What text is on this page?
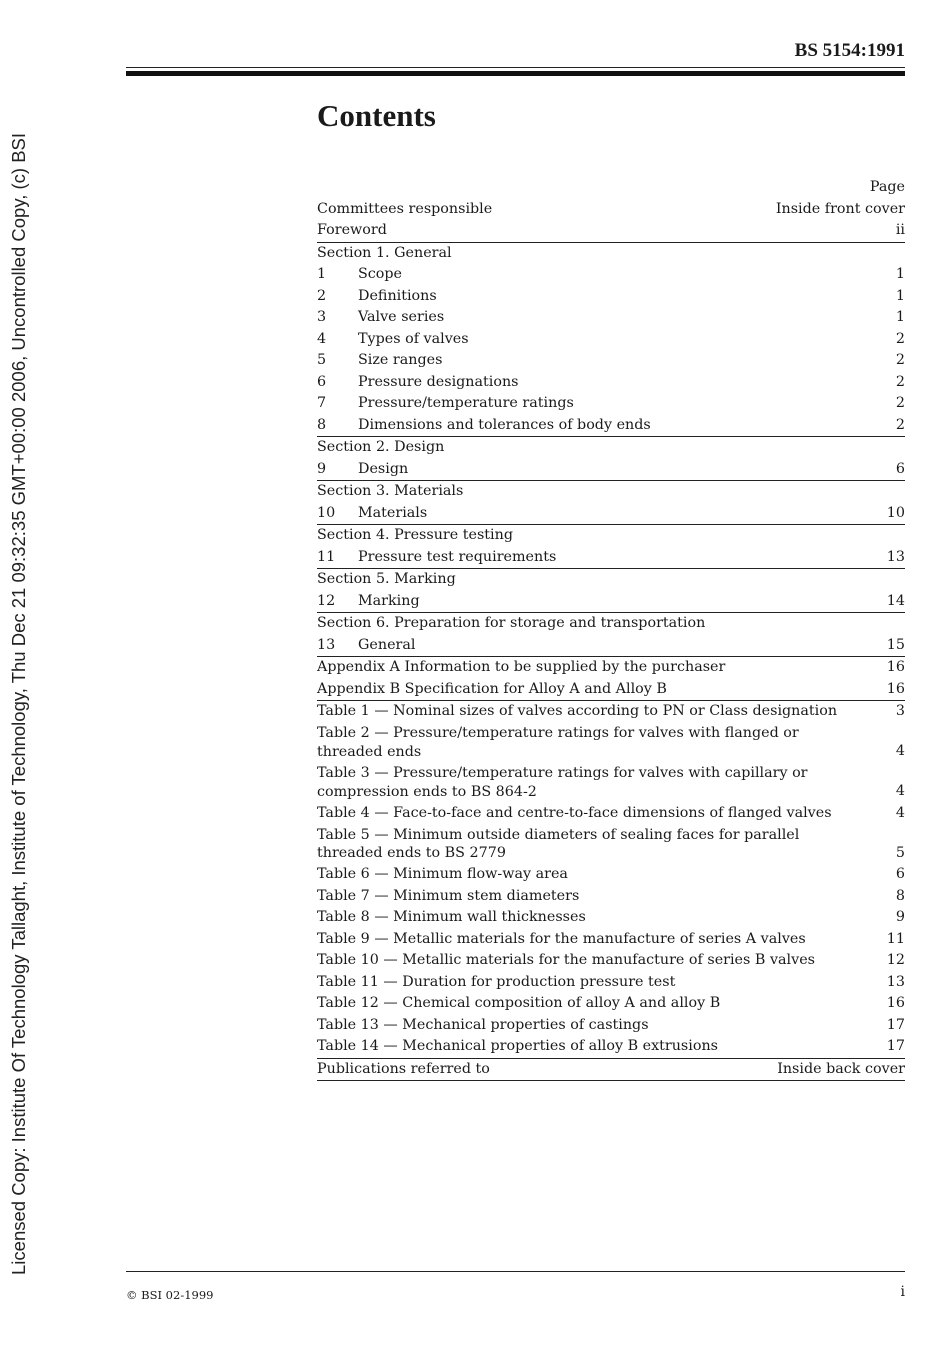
Licensed Copy: Institute Of Technology Tallaght, Institute of Technology, Thu Dec 21 09:32:35 GMT+00:00 2006, Uncontrolled Copy, (c) BSI
BS 5154:1991
Contents
Page
Committees responsible	Inside front cover
Foreword	ii
Section 1. General
1	Scope	1
2	Definitions	1
3	Valve series	1
4	Types of valves	2
5	Size ranges	2
6	Pressure designations	2
7	Pressure/temperature ratings	2
8	Dimensions and tolerances of body ends	2
Section 2. Design
9	Design	6
Section 3. Materials
10	Materials	10
Section 4. Pressure testing
11	Pressure test requirements	13
Section 5. Marking
12	Marking	14
Section 6. Preparation for storage and transportation
13	General	15
Appendix A Information to be supplied by the purchaser	16
Appendix B Specification for Alloy A and Alloy B	16
Table 1 — Nominal sizes of valves according to PN or Class designation	3
Table 2 — Pressure/temperature ratings for valves with flanged or threaded ends	4
Table 3 — Pressure/temperature ratings for valves with capillary or compression ends to BS 864-2	4
Table 4 — Face-to-face and centre-to-face dimensions of flanged valves	4
Table 5 — Minimum outside diameters of sealing faces for parallel threaded ends to BS 2779	5
Table 6 — Minimum flow-way area	6
Table 7 — Minimum stem diameters	8
Table 8 — Minimum wall thicknesses	9
Table 9 — Metallic materials for the manufacture of series A valves	11
Table 10 — Metallic materials for the manufacture of series B valves	12
Table 11 — Duration for production pressure test	13
Table 12 — Chemical composition of alloy A and alloy B	16
Table 13 — Mechanical properties of castings	17
Table 14 — Mechanical properties of alloy B extrusions	17
Publications referred to	Inside back cover
© BSI 02-1999	i
